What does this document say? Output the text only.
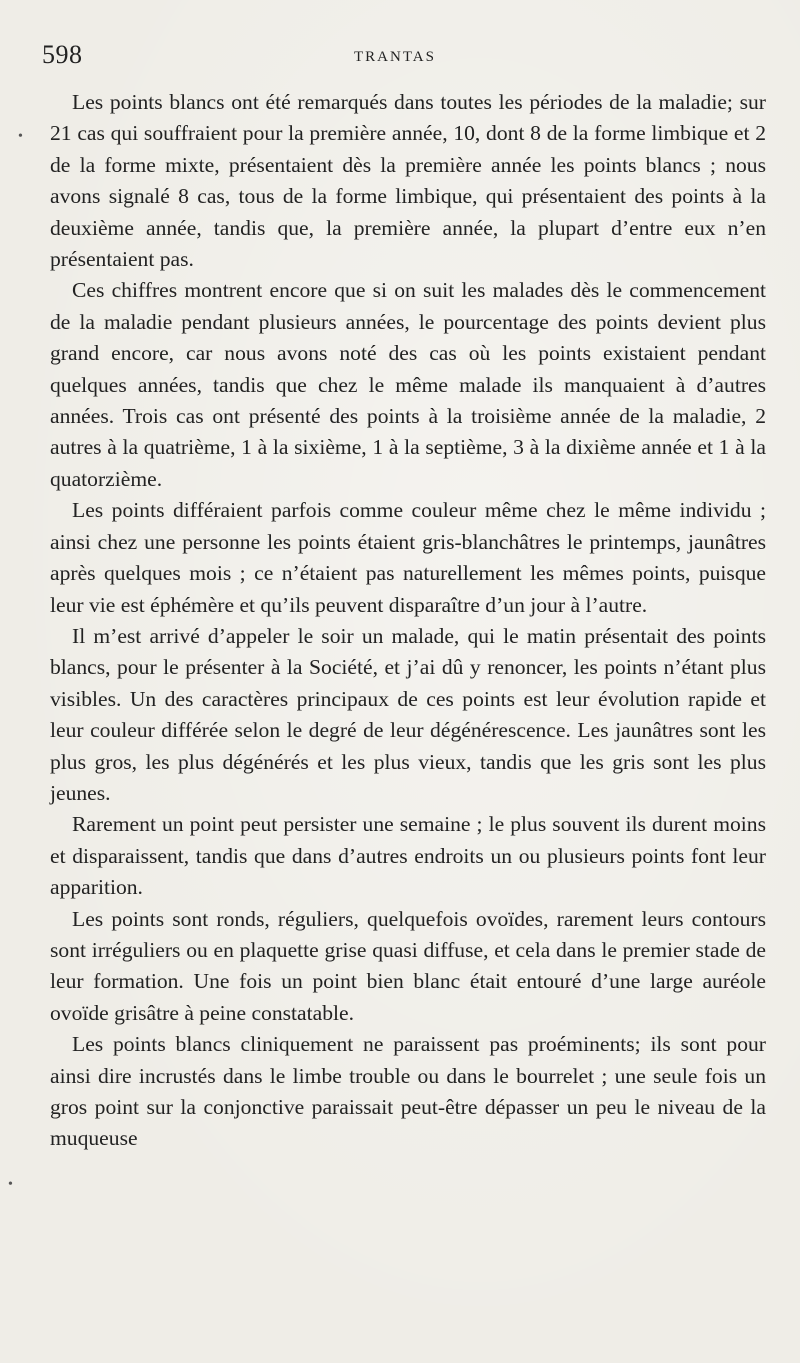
598	TRANTAS
•
•

Les points blancs ont été remarqués dans toutes les périodes de la maladie; sur 21 cas qui souffraient pour la première année, 10, dont 8 de la forme limbique et 2 de la forme mixte, présentaient dès la première année les points blancs ; nous avons signalé 8 cas, tous de la forme limbique, qui présentaient des points à la deuxième année, tandis que, la première année, la plupart d’entre eux n’en présentaient pas.

Ces chiffres montrent encore que si on suit les malades dès le commencement de la maladie pendant plusieurs années, le pourcentage des points devient plus grand encore, car nous avons noté des cas où les points existaient pendant quelques années, tandis que chez le même malade ils manquaient à d’autres années. Trois cas ont présenté des points à la troisième année de la maladie, 2 autres à la quatrième, 1 à la sixième, 1 à la septième, 3 à la dixième année et 1 à la quatorzième.

Les points différaient parfois comme couleur même chez le même individu ; ainsi chez une personne les points étaient gris-blanchâtres le printemps, jaunâtres après quelques mois ; ce n’étaient pas naturellement les mêmes points, puisque leur vie est éphémère et qu’ils peuvent disparaître d’un jour à l’autre.

Il m’est arrivé d’appeler le soir un malade, qui le matin présentait des points blancs, pour le présenter à la Société, et j’ai dû y renoncer, les points n’étant plus visibles. Un des caractères principaux de ces points est leur évolution rapide et leur couleur différée selon le degré de leur dégénérescence. Les jaunâtres sont les plus gros, les plus dégénérés et les plus vieux, tandis que les gris sont les plus jeunes.

Rarement un point peut persister une semaine ; le plus souvent ils durent moins et disparaissent, tandis que dans d’autres endroits un ou plusieurs points font leur apparition.

Les points sont ronds, réguliers, quelquefois ovoïdes, rarement leurs contours sont irréguliers ou en plaquette grise quasi diffuse, et cela dans le premier stade de leur formation. Une fois un point bien blanc était entouré d’une large auréole ovoïde grisâtre à peine constatable.

Les points blancs cliniquement ne paraissent pas proéminents; ils sont pour ainsi dire incrustés dans le limbe trouble ou dans le bourrelet ; une seule fois un gros point sur la conjonctive paraissait peut-être dépasser un peu le niveau de la muqueuse
